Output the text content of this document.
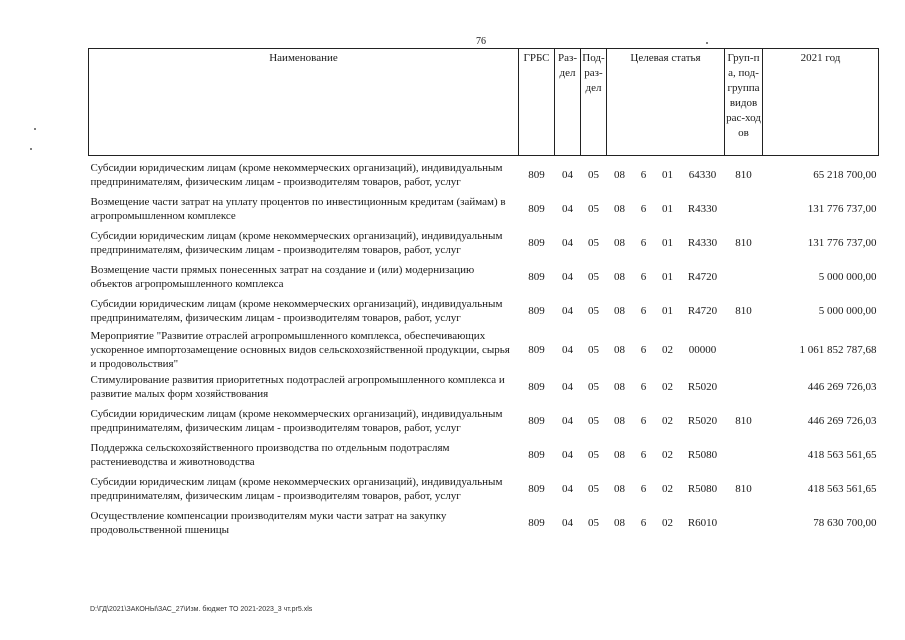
76
Наименование	ГРБС	Раз-дел	Под-раз-дел	Целевая статья				Груп-па, под-группа видов рас-ходов	2021 год
Субсидии юридическим лицам (кроме некоммерческих организаций), индивидуальным предпринимателям, физическим лицам - производителям товаров, работ, услуг	809	04	05	08	6	01	64330	810	65 218 700,00
Возмещение части затрат на уплату процентов по инвестиционным кредитам (займам) в агропромышленном комплексе	809	04	05	08	6	01	R4330		131 776 737,00
Субсидии юридическим лицам (кроме некоммерческих организаций), индивидуальным предпринимателям, физическим лицам - производителям товаров, работ, услуг	809	04	05	08	6	01	R4330	810	131 776 737,00
Возмещение части прямых понесенных затрат на создание и (или) модернизацию объектов агропромышленного комплекса	809	04	05	08	6	01	R4720		5 000 000,00
Субсидии юридическим лицам (кроме некоммерческих организаций), индивидуальным предпринимателям, физическим лицам - производителям товаров, работ, услуг	809	04	05	08	6	01	R4720	810	5 000 000,00
Мероприятие "Развитие отраслей агропромышленного комплекса, обеспечивающих ускоренное импортозамещение основных видов сельскохозяйственной продукции, сырья и продовольствия"	809	04	05	08	6	02	00000		1 061 852 787,68
Стимулирование развития приоритетных подотраслей агропромышленного комплекса и развитие малых форм хозяйствования	809	04	05	08	6	02	R5020		446 269 726,03
Субсидии юридическим лицам (кроме некоммерческих организаций), индивидуальным предпринимателям, физическим лицам - производителям товаров, работ, услуг	809	04	05	08	6	02	R5020	810	446 269 726,03
Поддержка сельскохозяйственного производства по отдельным подотраслям растениеводства и животноводства	809	04	05	08	6	02	R5080		418 563 561,65
Субсидии юридическим лицам (кроме некоммерческих организаций), индивидуальным предпринимателям, физическим лицам - производителям товаров, работ, услуг	809	04	05	08	6	02	R5080	810	418 563 561,65
Осуществление компенсации производителям муки части затрат на закупку продовольственной пшеницы	809	04	05	08	6	02	R6010		78 630 700,00
D:\ГД\2021\ЗАКОНЫ\ЗАС_27\Изм. бюджет ТО 2021-2023_3 чт.pr5.xls
